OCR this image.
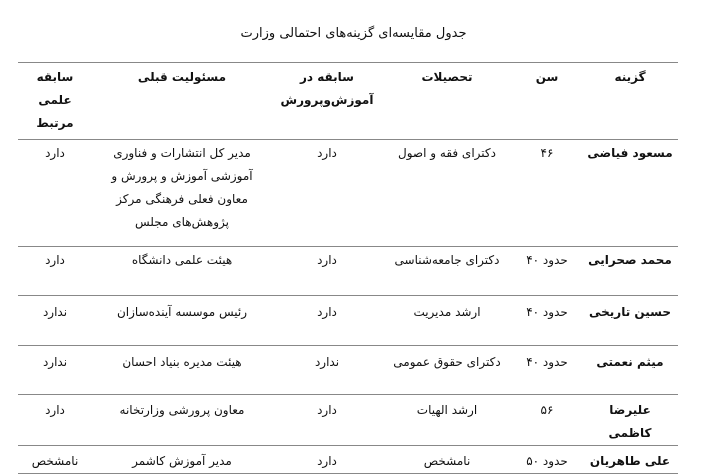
جدول مقایسه‌ای گزینه‌های احتمالی وزارت
گزینه	سن	تحصیلات	سابقه در آموزش‌وپرورش	مسئولیت قبلی	سابقه علمی مرتبط
مسعود فیاضی	۴۶	دکترای فقه و اصول	دارد	مدیر کل انتشارات و فناوری آموزشی آموزش و پرورش و معاون فعلی فرهنگی مرکز پژوهش‌های مجلس	دارد
محمد صحرایی	حدود ۴۰	دکترای جامعه‌شناسی	دارد	هیئت علمی دانشگاه	دارد
حسین تاریخی	حدود ۴۰	ارشد مدیریت	دارد	رئیس موسسه آینده‌سازان	ندارد
میثم نعمتی	حدود ۴۰	دکترای حقوق عمومی	ندارد	هیئت مدیره بنیاد احسان	ندارد
علیرضا کاظمی	۵۶	ارشد الهیات	دارد	معاون پرورشی وزارتخانه	دارد
علی طاهریان	حدود ۵۰	نامشخص	دارد	مدیر آموزش کاشمر	نامشخص
